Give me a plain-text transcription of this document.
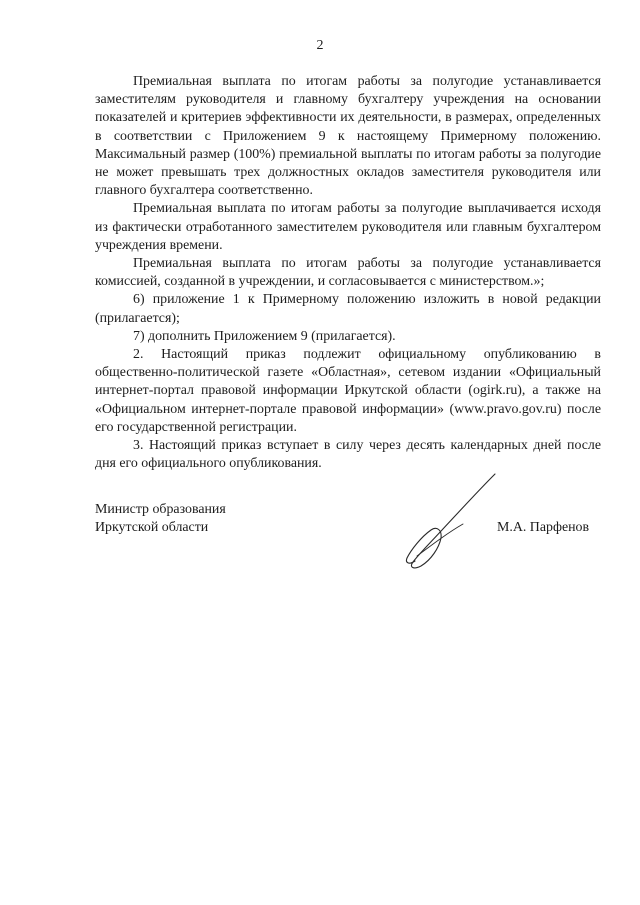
2

Премиальная выплата по итогам работы за полугодие устанавливается заместителям руководителя и главному бухгалтеру учреждения на основании показателей и критериев эффективности их деятельности, в размерах, определенных в соответствии с Приложением 9 к настоящему Примерному положению. Максимальный размер (100%) премиальной выплаты по итогам работы за полугодие не может превышать трех должностных окладов заместителя руководителя или главного бухгалтера соответственно.

Премиальная выплата по итогам работы за полугодие выплачивается исходя из фактически отработанного заместителем руководителя или главным бухгалтером учреждения времени.

Премиальная выплата по итогам работы за полугодие устанавливается комиссией, созданной в учреждении, и согласовывается с министерством.»;

6) приложение 1 к Примерному положению изложить в новой редакции (прилагается);

7) дополнить Приложением 9 (прилагается).

2. Настоящий приказ подлежит официальному опубликованию в общественно-политической газете «Областная», сетевом издании «Официальный интернет-портал правовой информации Иркутской области (ogirk.ru), а также на «Официальном интернет-портале правовой информации» (www.pravo.gov.ru) после его государственной регистрации.

3. Настоящий приказ вступает в силу через десять календарных дней после дня его официального опубликования.

Министр образования
Иркутской области	М.А. Парфенов
